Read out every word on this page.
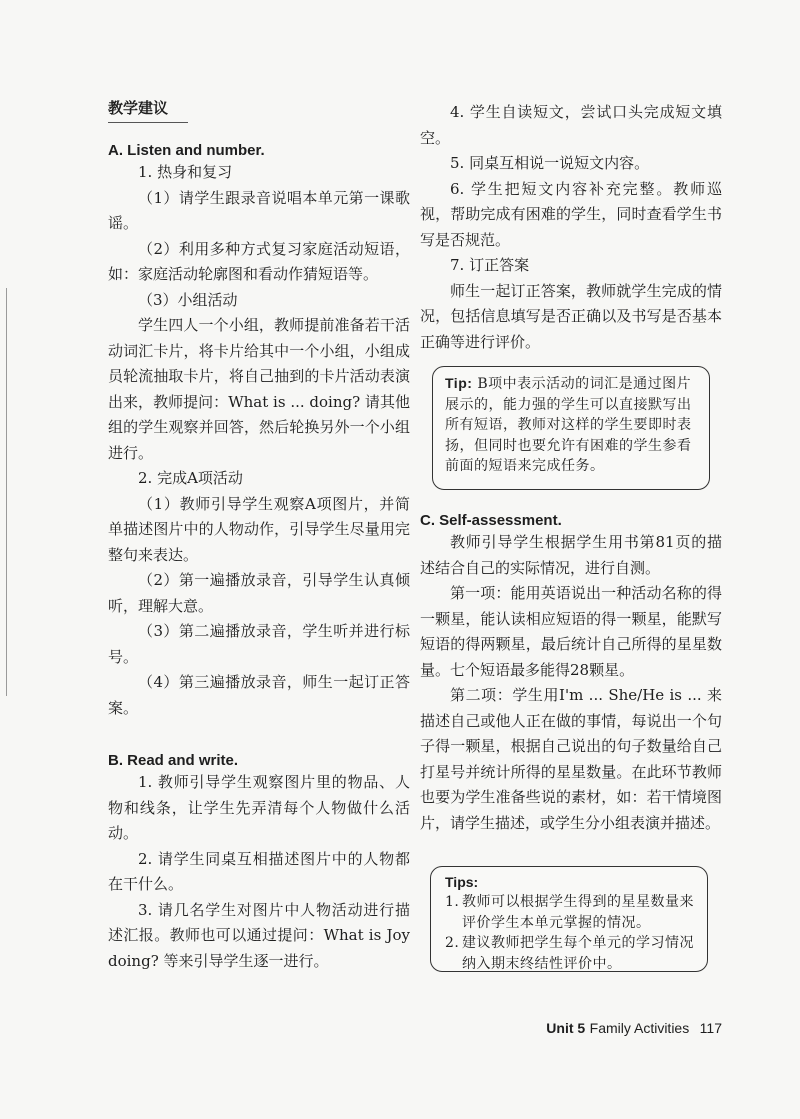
教学建议

A. Listen and number.

1. 热身和复习

（1）请学生跟录音说唱本单元第一课歌谣。

（2）利用多种方式复习家庭活动短语，如：家庭活动轮廓图和看动作猜短语等。

（3）小组活动

学生四人一个小组，教师提前准备若干活动词汇卡片，将卡片给其中一个小组，小组成员轮流抽取卡片，将自己抽到的卡片活动表演出来，教师提问：What is ... doing? 请其他组的学生观察并回答，然后轮换另外一个小组进行。

2. 完成A项活动

（1）教师引导学生观察A项图片，并简单描述图片中的人物动作，引导学生尽量用完整句来表达。

（2）第一遍播放录音，引导学生认真倾听，理解大意。

（3）第二遍播放录音，学生听并进行标号。

（4）第三遍播放录音，师生一起订正答案。

B. Read and write.

1. 教师引导学生观察图片里的物品、人物和线条，让学生先弄清每个人物做什么活动。

2. 请学生同桌互相描述图片中的人物都在干什么。

3. 请几名学生对图片中人物活动进行描述汇报。教师也可以通过提问：What is Joy doing? 等来引导学生逐一进行。

4. 学生自读短文，尝试口头完成短文填空。

5. 同桌互相说一说短文内容。

6. 学生把短文内容补充完整。教师巡视，帮助完成有困难的学生，同时查看学生书写是否规范。

7. 订正答案

师生一起订正答案，教师就学生完成的情况，包括信息填写是否正确以及书写是否基本正确等进行评价。

Tip: B项中表示活动的词汇是通过图片展示的，能力强的学生可以直接默写出所有短语，教师对这样的学生要即时表扬，但同时也要允许有困难的学生参看前面的短语来完成任务。

C. Self-assessment.

教师引导学生根据学生用书第81页的描述结合自己的实际情况，进行自测。

第一项：能用英语说出一种活动名称的得一颗星，能认读相应短语的得一颗星，能默写短语的得两颗星，最后统计自己所得的星星数量。七个短语最多能得28颗星。

第二项：学生用I'm ... She/He is ... 来描述自己或他人正在做的事情，每说出一个句子得一颗星，根据自己说出的句子数量给自己打星号并统计所得的星星数量。在此环节教师也要为学生准备些说的素材，如：若干情境图片，请学生描述，或学生分小组表演并描述。

Tips:
1. 教师可以根据学生得到的星星数量来评价学生本单元掌握的情况。
2. 建议教师把学生每个单元的学习情况纳入期末终结性评价中。
Unit 5 Family Activities 117
